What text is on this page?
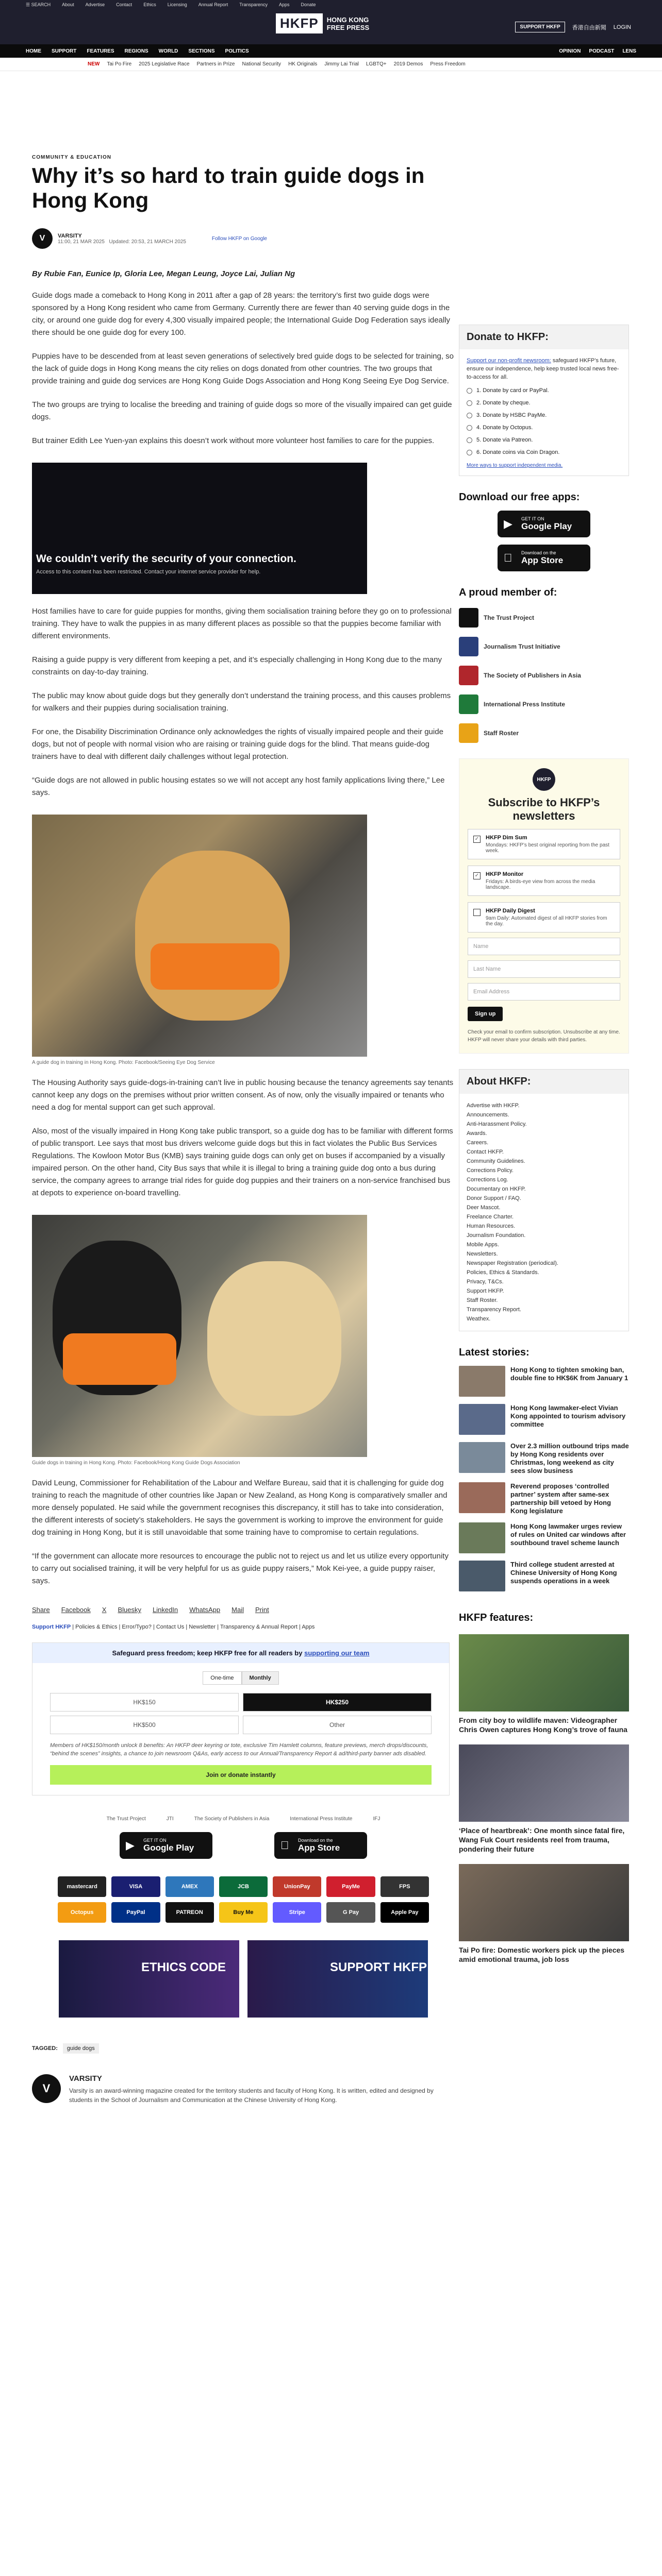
☰ SEARCH About Advertise Contact Ethics Licensing Annual Report Transparency Apps Donate
HKFP	HONG KONG FREE PRESS	SUPPORT HKFP	香港自由新聞 LOGIN
HOME SUPPORT FEATURES REGIONS WORLD SECTIONS POLITICS	OPINION PODCAST LENS
NEW Tai Po Fire 2025 Legislative Race Partners in Prize National Security HK Originals Jimmy Lai Trial LGBTQ+ 2019 Demos Press Freedom
COMMUNITY & EDUCATION
Why it’s so hard to train guide dogs in Hong Kong
V	VARSITY
11:00, 21 MAR 2025 Updated: 20:53, 21 MARCH 2025
Follow HKFP on Google
By Rubie Fan, Eunice Ip, Gloria Lee, Megan Leung, Joyce Lai, Julian Ng

Guide dogs made a comeback to Hong Kong in 2011 after a gap of 28 years: the territory’s first two guide dogs were sponsored by a Hong Kong resident who came from Germany. Currently there are fewer than 40 serving guide dogs in the city, or around one guide dog for every 4,300 visually impaired people; the International Guide Dog Federation says ideally there should be one guide dog for every 100.

Puppies have to be descended from at least seven generations of selectively bred guide dogs to be selected for training, so the lack of guide dogs in Hong Kong means the city relies on dogs donated from other countries. The two groups that provide training and guide dog services are Hong Kong Guide Dogs Association and Hong Kong Seeing Eye Dog Service.

The two groups are trying to localise the breeding and training of guide dogs so more of the visually impaired can get guide dogs.

But trainer Edith Lee Yuen-yan explains this doesn’t work without more volunteer host families to care for the puppies.

We couldn’t verify the security of your connection.
Access to this content has been restricted. Contact your internet service provider for help.

Host families have to care for guide puppies for months, giving them socialisation training before they go on to professional training. They have to walk the puppies in as many different places as possible so that the puppies become familiar with different environments.

Raising a guide puppy is very different from keeping a pet, and it’s especially challenging in Hong Kong due to the many constraints on day-to-day training.

The public may know about guide dogs but they generally don’t understand the training process, and this causes problems for walkers and their puppies during socialisation training.

For one, the Disability Discrimination Ordinance only acknowledges the rights of visually impaired people and their guide dogs, but not of people with normal vision who are raising or training guide dogs for the blind. That means guide-dog trainers have to deal with different daily challenges without legal protection.

“Guide dogs are not allowed in public housing estates so we will not accept any host family applications living there,” Lee says.

A guide dog in training in Hong Kong. Photo: Facebook/Seeing Eye Dog Service

The Housing Authority says guide-dogs-in-training can’t live in public housing because the tenancy agreements say tenants cannot keep any dogs on the premises without prior written consent. As of now, only the visually impaired or tenants who need a dog for mental support can get such approval.

Also, most of the visually impaired in Hong Kong take public transport, so a guide dog has to be familiar with different forms of public transport. Lee says that most bus drivers welcome guide dogs but this in fact violates the Public Bus Services Regulations. The Kowloon Motor Bus (KMB) says training guide dogs can only get on buses if accompanied by a visually impaired person. On the other hand, City Bus says that while it is illegal to bring a training guide dog onto a bus during service, the company agrees to arrange trial rides for guide dog puppies and their trainers on a non-service franchised bus at depots to experience on-board travelling.

Guide dogs in training in Hong Kong. Photo: Facebook/Hong Kong Guide Dogs Association

David Leung, Commissioner for Rehabilitation of the Labour and Welfare Bureau, said that it is challenging for guide dog training to reach the magnitude of other countries like Japan or New Zealand, as Hong Kong is comparatively smaller and more densely populated. He said while the government recognises this discrepancy, it still has to take into consideration, the different interests of society’s stakeholders. He says the government is working to improve the environment for guide dog training in Hong Kong, but it is still unavoidable that some training have to compromise to certain regulations.

“If the government can allocate more resources to encourage the public not to reject us and let us utilize every opportunity to carry out socialised training, it will be very helpful for us as guide puppy raisers,” Mok Kei-yee, a guide puppy raiser, says.

Share Facebook X Bluesky LinkedIn WhatsApp Mail Print
Support HKFP | Policies & Ethics | Error/Typo? | Contact Us | Newsletter | Transparency & Annual Report | Apps
Safeguard press freedom; keep HKFP free for all readers by supporting our team
One-time	Monthly
HK$150	HK$250
HK$500	Other
Members of HK$150/month unlock 8 benefits: An HKFP deer keyring or tote, exclusive Tim Hamlett columns, feature previews, merch drops/discounts, “behind the scenes” insights, a chance to join newsroom Q&As, early access to our Annual/Transparency Report & ad/third-party banner ads disabled.
Join or donate instantly
The Trust Project	JTI	The Society of Publishers in Asia	International Press Institute	IFJ
▶ GET IT ON
Google Play
Download on the
App Store
mastercard	VISA	AMEX	JCB	UnionPay	PayMe	FPS
Octopus	PayPal	PATREON	Buy Me	Stripe	G Pay	Apple Pay
ETHICS CODE	SUPPORT HKFP
TAGGED:	guide dogs
V
VARSITY
Varsity is an award-winning magazine created for the territory students and faculty of Hong Kong. It is written, edited and designed by students in the School of Journalism and Communication at the Chinese University of Hong Kong.
Donate to HKFP:
Support our non-profit newsroom: safeguard HKFP’s future, ensure our independence, help keep trusted local news free-to-access for all.
1. Donate by card or PayPal.
2. Donate by cheque.
3. Donate by HSBC PayMe.
4. Donate by Octopus.
5. Donate via Patreon.
6. Donate coins via Coin Dragon.
More ways to support independent media.
Download our free apps:
▶ GET IT ON
Google Play
Download on the
App Store
A proud member of:
The Trust Project
Journalism Trust Initiative
The Society of Publishers in Asia
International Press Institute
Staff Roster
HKFP
Subscribe to HKFP’s newsletters
✓ HKFP Dim Sum
Mondays: HKFP’s best original reporting from the past week.
✓ HKFP Monitor
Fridays: A birds-eye view from across the media landscape.
HKFP Daily Digest
9am Daily: Automated digest of all HKFP stories from the day.
Name
Last Name
Email Address
Sign up
Check your email to confirm subscription. Unsubscribe at any time. HKFP will never share your details with third parties.
About HKFP:
Advertise with HKFP.
Announcements.
Anti-Harassment Policy.
Awards.
Careers.
Contact HKFP.
Community Guidelines.
Corrections Policy.
Corrections Log.
Documentary on HKFP.
Donor Support / FAQ.
Deer Mascot.
Freelance Charter.
Human Resources.
Journalism Foundation.
Mobile Apps.
Newsletters.
Newspaper Registration (periodical).
Policies, Ethics & Standards.
Privacy, T&Cs.
Support HKFP.
Staff Roster.
Transparency Report.
Weathex.
Latest stories:
Hong Kong to tighten smoking ban, double fine to HK$6K from January 1
Hong Kong lawmaker-elect Vivian Kong appointed to tourism advisory committee
Over 2.3 million outbound trips made by Hong Kong residents over Christmas, long weekend as city sees slow business
Reverend proposes ‘controlled partner’ system after same-sex partnership bill vetoed by Hong Kong legislature
Hong Kong lawmaker urges review of rules on United car windows after southbound travel scheme launch
Third college student arrested at Chinese University of Hong Kong suspends operations in a week
HKFP features:
From city boy to wildlife maven: Videographer Chris Owen captures Hong Kong’s trove of fauna
‘Place of heartbreak’: One month since fatal fire, Wang Fuk Court residents reel from trauma, pondering their future
Tai Po fire: Domestic workers pick up the pieces amid emotional trauma, job loss
